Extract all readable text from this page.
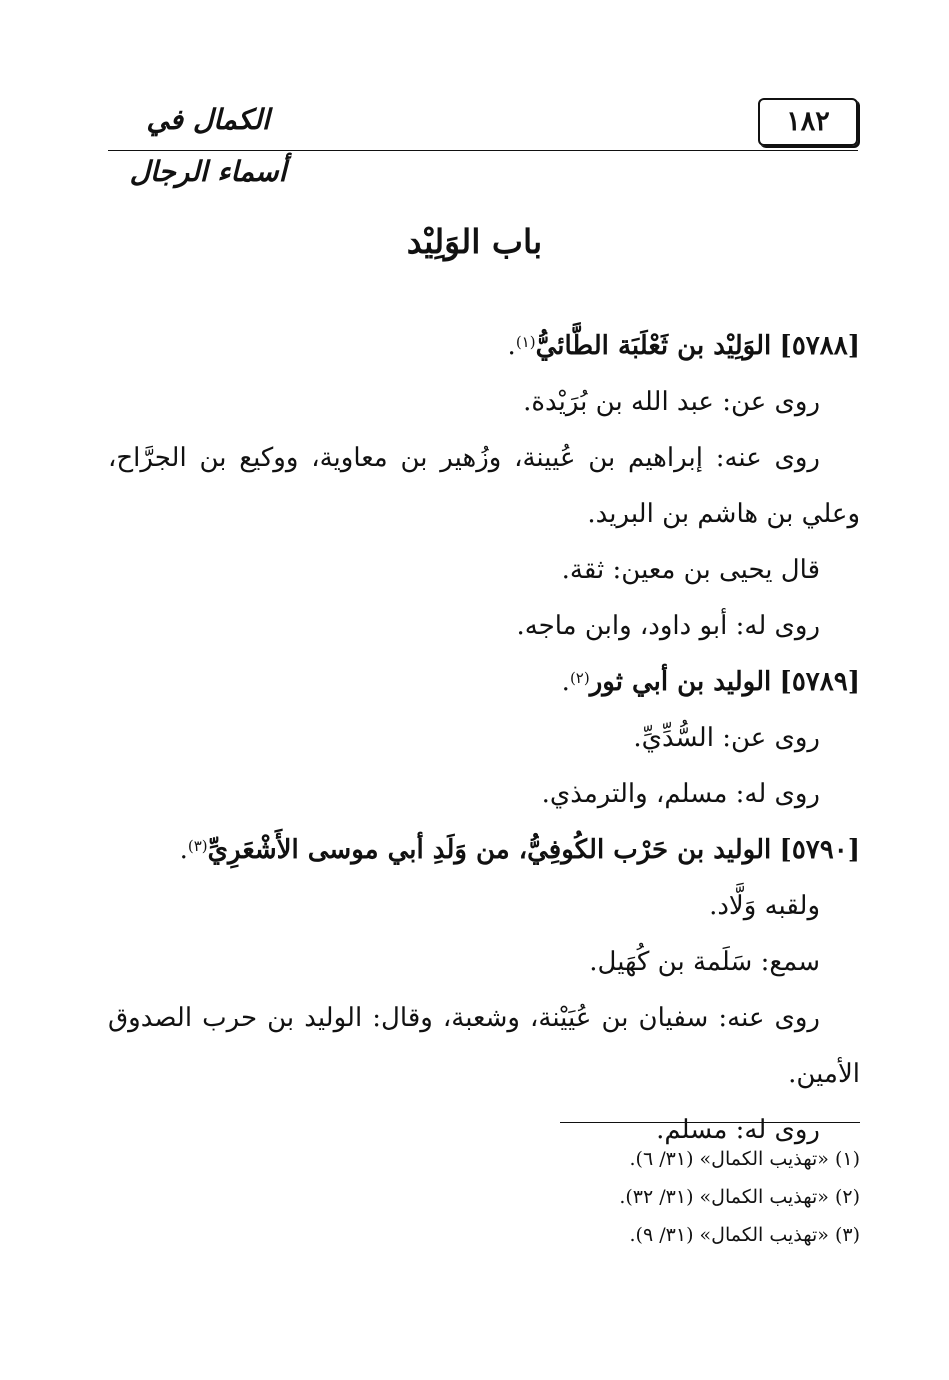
الكمال في أسماء الرجال
١٨٢
باب الوَلِيْد
[٥٧٨٨] الوَلِيْد بن ثَعْلَبَة الطَّائيُّ$^{(١)}$.
روى عن: عبد الله بن بُرَيْدة.
روى عنه: إبراهيم بن عُيينة، وزُهير بن معاوية، ووكيع بن الجرَّاح،
وعلي بن هاشم بن البريد.
قال يحيى بن معين: ثقة.
روى له: أبو داود، وابن ماجه.
[٥٧٨٩] الوليد بن أبي ثور$^{(٢)}$.
روى عن: السُّدِّيِّ.
روى له: مسلم، والترمذي.
[٥٧٩٠] الوليد بن حَرْب الكُوفِيُّ، من وَلَدِ أبي موسى الأَشْعَرِيِّ$^{(٣)}$.
ولقبه وَلَّاد.
سمع: سَلَمة بن كُهَيل.
روى عنه: سفيان بن عُيَيْنة، وشعبة، وقال: الوليد بن حرب الصدوق
الأمين.
روى له: مسلم.
(١) «تهذيب الكمال» (٣١/ ٦).
(٢) «تهذيب الكمال» (٣١/ ٣٢).
(٣) «تهذيب الكمال» (٣١/ ٩).
